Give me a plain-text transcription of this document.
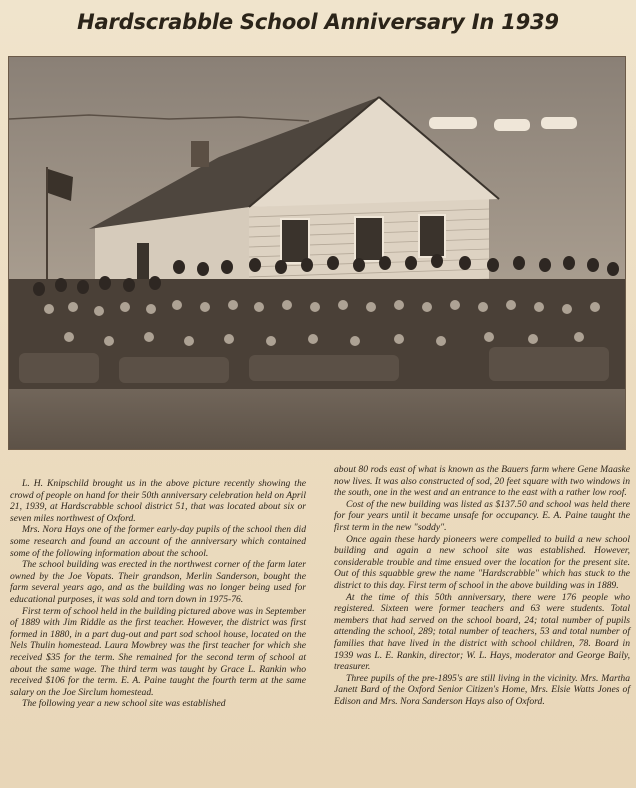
Hardscrabble School Anniversary In 1939

L. H. Knipschild brought us in the above picture recently showing the crowd of people on hand for their 50th anniversary celebration held on April 21, 1939, at Hardscrabble school district 51, that was located about six or seven miles northwest of Oxford.

Mrs. Nora Hays one of the former early-day pupils of the school then did some research and found an account of the anniversary which contained some of the following information about the school.

The school building was erected in the northwest corner of the farm later owned by the Joe Vopats. Their grandson, Merlin Sanderson, bought the farm several years ago, and as the building was no longer being used for educational purposes, it was sold and torn down in 1975-76.

First term of school held in the building pictured above was in September of 1889 with Jim Riddle as the first teacher. However, the district was first formed in 1880, in a part dug-out and part sod school house, located on the Nels Thulin homestead. Laura Mowbrey was the first teacher for which she received $35 for the term. She remained for the second term of school at about the same wage. The third term was taught by Grace L. Rankin who received $106 for the term. E. A. Paine taught the fourth term at the same salary on the Joe Sirclum homestead.

The following year a new school site was established

about 80 rods east of what is known as the Bauers farm where Gene Maaske now lives. It was also constructed of sod, 20 feet square with two windows in the south, one in the west and an entrance to the east with a rather low roof.

Cost of the new building was listed as $137.50 and school was held there for four years until it became unsafe for occupancy. E. A. Paine taught the first term in the new "soddy".

Once again these hardy pioneers were compelled to build a new school building and again a new school site was established. However, considerable trouble and time ensued over the location for the present site. Out of this squabble grew the name "Hardscrabble" which has stuck to the district to this day. First term of school in the above building was in 1889.

At the time of this 50th anniversary, there were 176 people who registered. Sixteen were former teachers and 63 were students. Total members that had served on the school board, 24; total number of pupils attending the school, 289; total number of teachers, 53 and total number of families that have lived in the district with school children, 78. Board in 1939 was L. E. Rankin, director; W. L. Hays, moderator and George Baily, treasurer.

Three pupils of the pre-1895's are still living in the vicinity. Mrs. Martha Janett Bard of the Oxford Senior Citizen's Home, Mrs. Elsie Watts Jones of Edison and Mrs. Nora Sanderson Hays also of Oxford.
